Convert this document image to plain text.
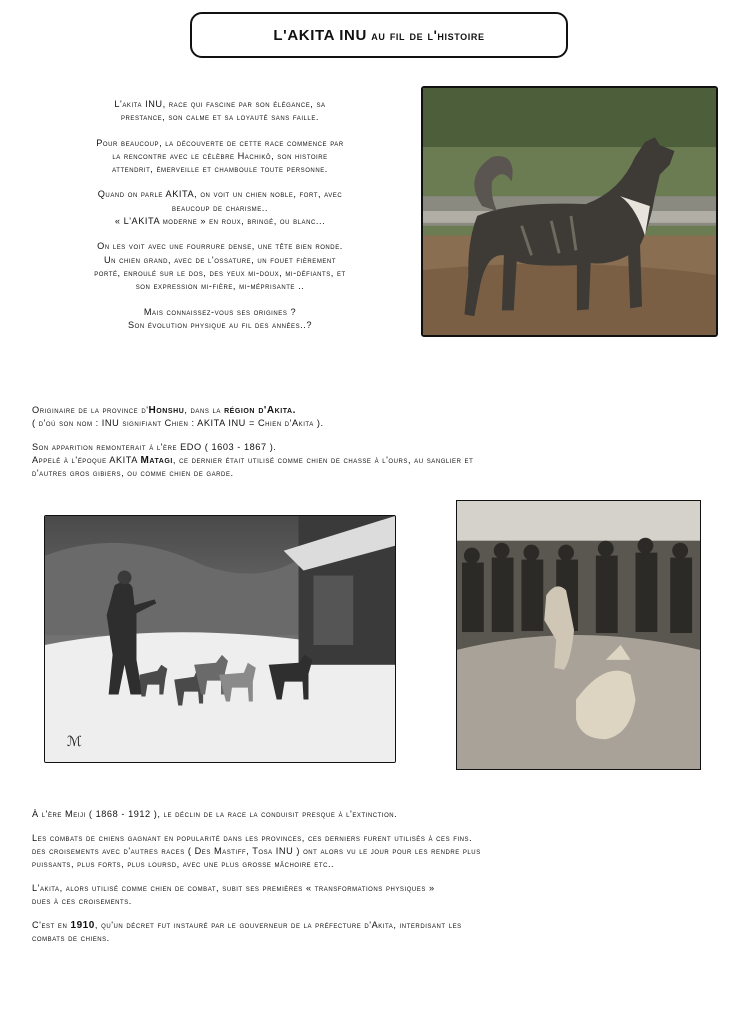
L'AKITA INU au fil de l'histoire

L'akita INU, race qui fascine par son élégance, sa
prestance, son calme et sa loyauté sans faille.

Pour beaucoup, la découverte de cette race commence par
la rencontre avec le célèbre Hachikō, son histoire
attendrit, émerveille et chamboule toute personne.

Quand on parle AKITA, on voit un chien noble, fort, avec
beaucoup de charisme..
« L'AKITA moderne » en roux, bringé, ou blanc...

On les voit avec une fourrure dense, une tête bien ronde.
Un chien grand, avec de l'ossature, un fouet fièrement
porté, enroulé sur le dos, des yeux mi-doux, mi-défiants, et
son expression mi-fière, mi-méprisante ..

Mais connaissez-vous ses origines ?
Son évolution physique au fil des années..?

Originaire de la province d'Honshu, dans la région d'Akita.
( d'où son nom : INU signifiant Chien : AKITA INU = Chien d'Akita ).

Son apparition remonterait à l'ère EDO ( 1603 - 1867 ).
Appelé à l'époque AKITA Matagi, ce dernier était utilisé comme chien de chasse à l'ours, au sanglier et
d'autres gros gibiers, ou comme chien de garde.

ℳ

À l'ère Meiji ( 1868 - 1912 ), le déclin de la race la conduisit presque à l'extinction.

Les combats de chiens gagnant en popularité dans les provinces, ces derniers furent utilisés à ces fins.
des croisements avec d'autres races ( Des Mastiff, Tosa INU ) ont alors vu le jour pour les rendre plus
puissants, plus forts, plus loursd, avec une plus grosse mâchoire etc..

L'akita, alors utilisé comme chien de combat, subit ses premières « transformations physiques »
dues à ces croisements.

C'est en 1910, qu'un décret fut instauré par le gouverneur de la préfecture d'Akita, interdisant les
combats de chiens.
